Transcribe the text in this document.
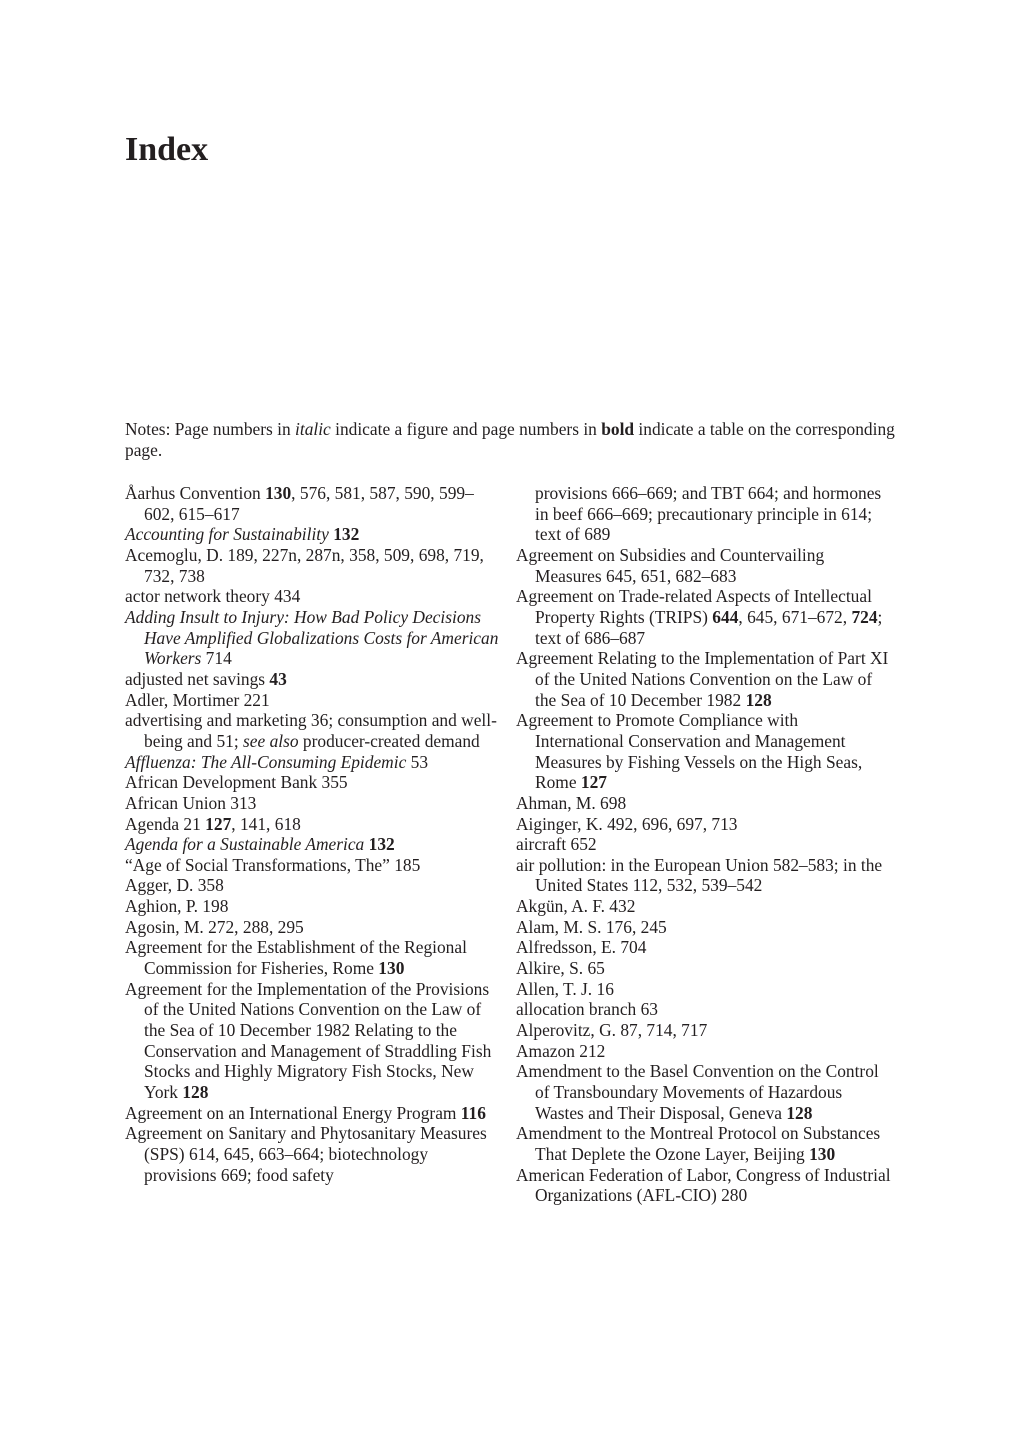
Index

Notes: Page numbers in italic indicate a figure and page numbers in bold indicate a table on the corresponding page.

Åarhus Convention 130, 576, 581, 587, 590, 599–602, 615–617
Accounting for Sustainability 132
Acemoglu, D. 189, 227n, 287n, 358, 509, 698, 719, 732, 738
actor network theory 434
Adding Insult to Injury: How Bad Policy Decisions Have Amplified Globalizations Costs for American Workers 714
adjusted net savings 43
Adler, Mortimer 221
advertising and marketing 36; consumption and well-being and 51; see also producer-created demand
Affluenza: The All-Consuming Epidemic 53
African Development Bank 355
African Union 313
Agenda 21 127, 141, 618
Agenda for a Sustainable America 132
“Age of Social Transformations, The” 185
Agger, D. 358
Aghion, P. 198
Agosin, M. 272, 288, 295
Agreement for the Establishment of the Regional Commission for Fisheries, Rome 130
Agreement for the Implementation of the Provisions of the United Nations Convention on the Law of the Sea of 10 December 1982 Relating to the Conservation and Management of Straddling Fish Stocks and Highly Migratory Fish Stocks, New York 128
Agreement on an International Energy Program 116
Agreement on Sanitary and Phytosanitary Measures (SPS) 614, 645, 663–664; biotechnology provisions 669; food safety
provisions 666–669; and TBT 664; and hormones in beef 666–669; precautionary principle in 614; text of 689
Agreement on Subsidies and Countervailing Measures 645, 651, 682–683
Agreement on Trade-related Aspects of Intellectual Property Rights (TRIPS) 644, 645, 671–672, 724; text of 686–687
Agreement Relating to the Implementation of Part XI of the United Nations Convention on the Law of the Sea of 10 December 1982 128
Agreement to Promote Compliance with International Conservation and Management Measures by Fishing Vessels on the High Seas, Rome 127
Ahman, M. 698
Aiginger, K. 492, 696, 697, 713
aircraft 652
air pollution: in the European Union 582–583; in the United States 112, 532, 539–542
Akgün, A. F. 432
Alam, M. S. 176, 245
Alfredsson, E. 704
Alkire, S. 65
Allen, T. J. 16
allocation branch 63
Alperovitz, G. 87, 714, 717
Amazon 212
Amendment to the Basel Convention on the Control of Transboundary Movements of Hazardous Wastes and Their Disposal, Geneva 128
Amendment to the Montreal Protocol on Substances That Deplete the Ozone Layer, Beijing 130
American Federation of Labor, Congress of Industrial Organizations (AFL-CIO) 280
